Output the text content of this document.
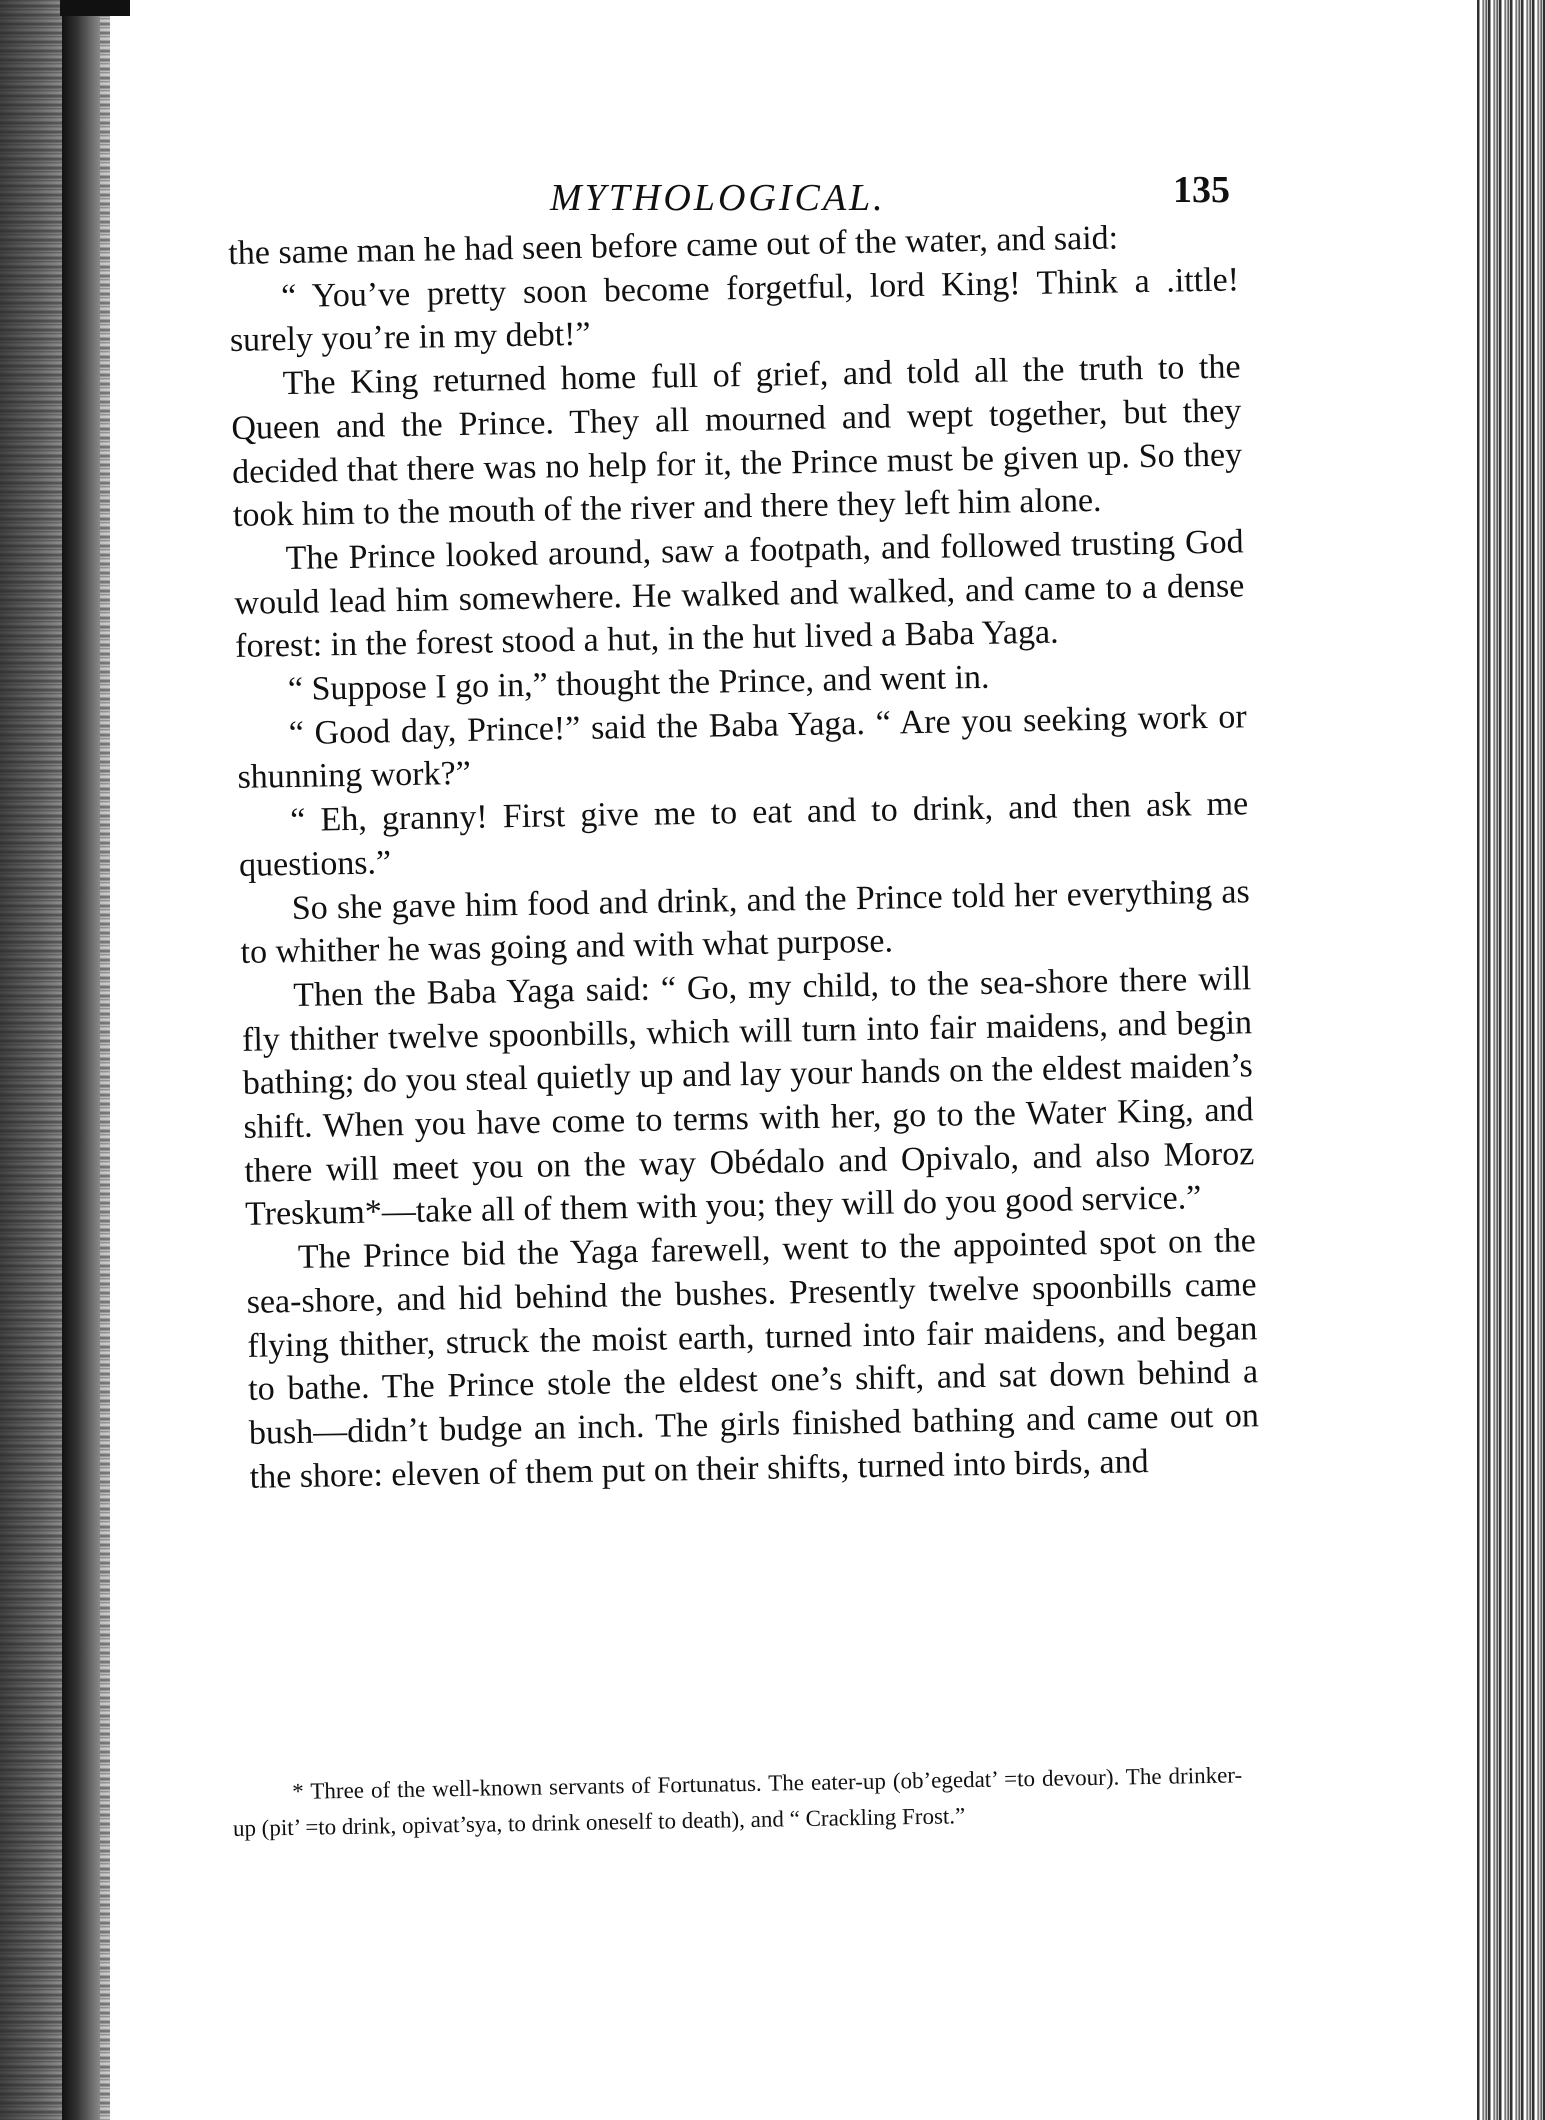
MYTHOLOGICAL.	135

the same man he had seen before came out of the water, and said:

“ You’ve pretty soon become forgetful, lord King! Think a .ittle! surely you’re in my debt!”

The King returned home full of grief, and told all the truth to the Queen and the Prince. They all mourned and wept together, but they decided that there was no help for it, the Prince must be given up. So they took him to the mouth of the river and there they left him alone.

The Prince looked around, saw a footpath, and followed trusting God would lead him somewhere. He walked and walked, and came to a dense forest: in the forest stood a hut, in the hut lived a Baba Yaga.

“ Suppose I go in,” thought the Prince, and went in.

“ Good day, Prince!” said the Baba Yaga. “ Are you seeking work or shunning work?”

“ Eh, granny! First give me to eat and to drink, and then ask me questions.”

So she gave him food and drink, and the Prince told her everything as to whither he was going and with what purpose.

Then the Baba Yaga said: “ Go, my child, to the sea-shore there will fly thither twelve spoonbills, which will turn into fair maidens, and begin bathing; do you steal quietly up and lay your hands on the eldest maiden’s shift. When you have come to terms with her, go to the Water King, and there will meet you on the way Obédalo and Opivalo, and also Moroz Treskum*—take all of them with you; they will do you good service.”

The Prince bid the Yaga farewell, went to the appointed spot on the sea-shore, and hid behind the bushes. Presently twelve spoonbills came flying thither, struck the moist earth, turned into fair maidens, and began to bathe. The Prince stole the eldest one’s shift, and sat down behind a bush—didn’t budge an inch. The girls finished bathing and came out on the shore: eleven of them put on their shifts, turned into birds, and

* Three of the well-known servants of Fortunatus. The eater-up (ob’egedat’ =to devour). The drinker-up (pit’ =to drink, opivat’sya, to drink oneself to death), and “ Crackling Frost.”
